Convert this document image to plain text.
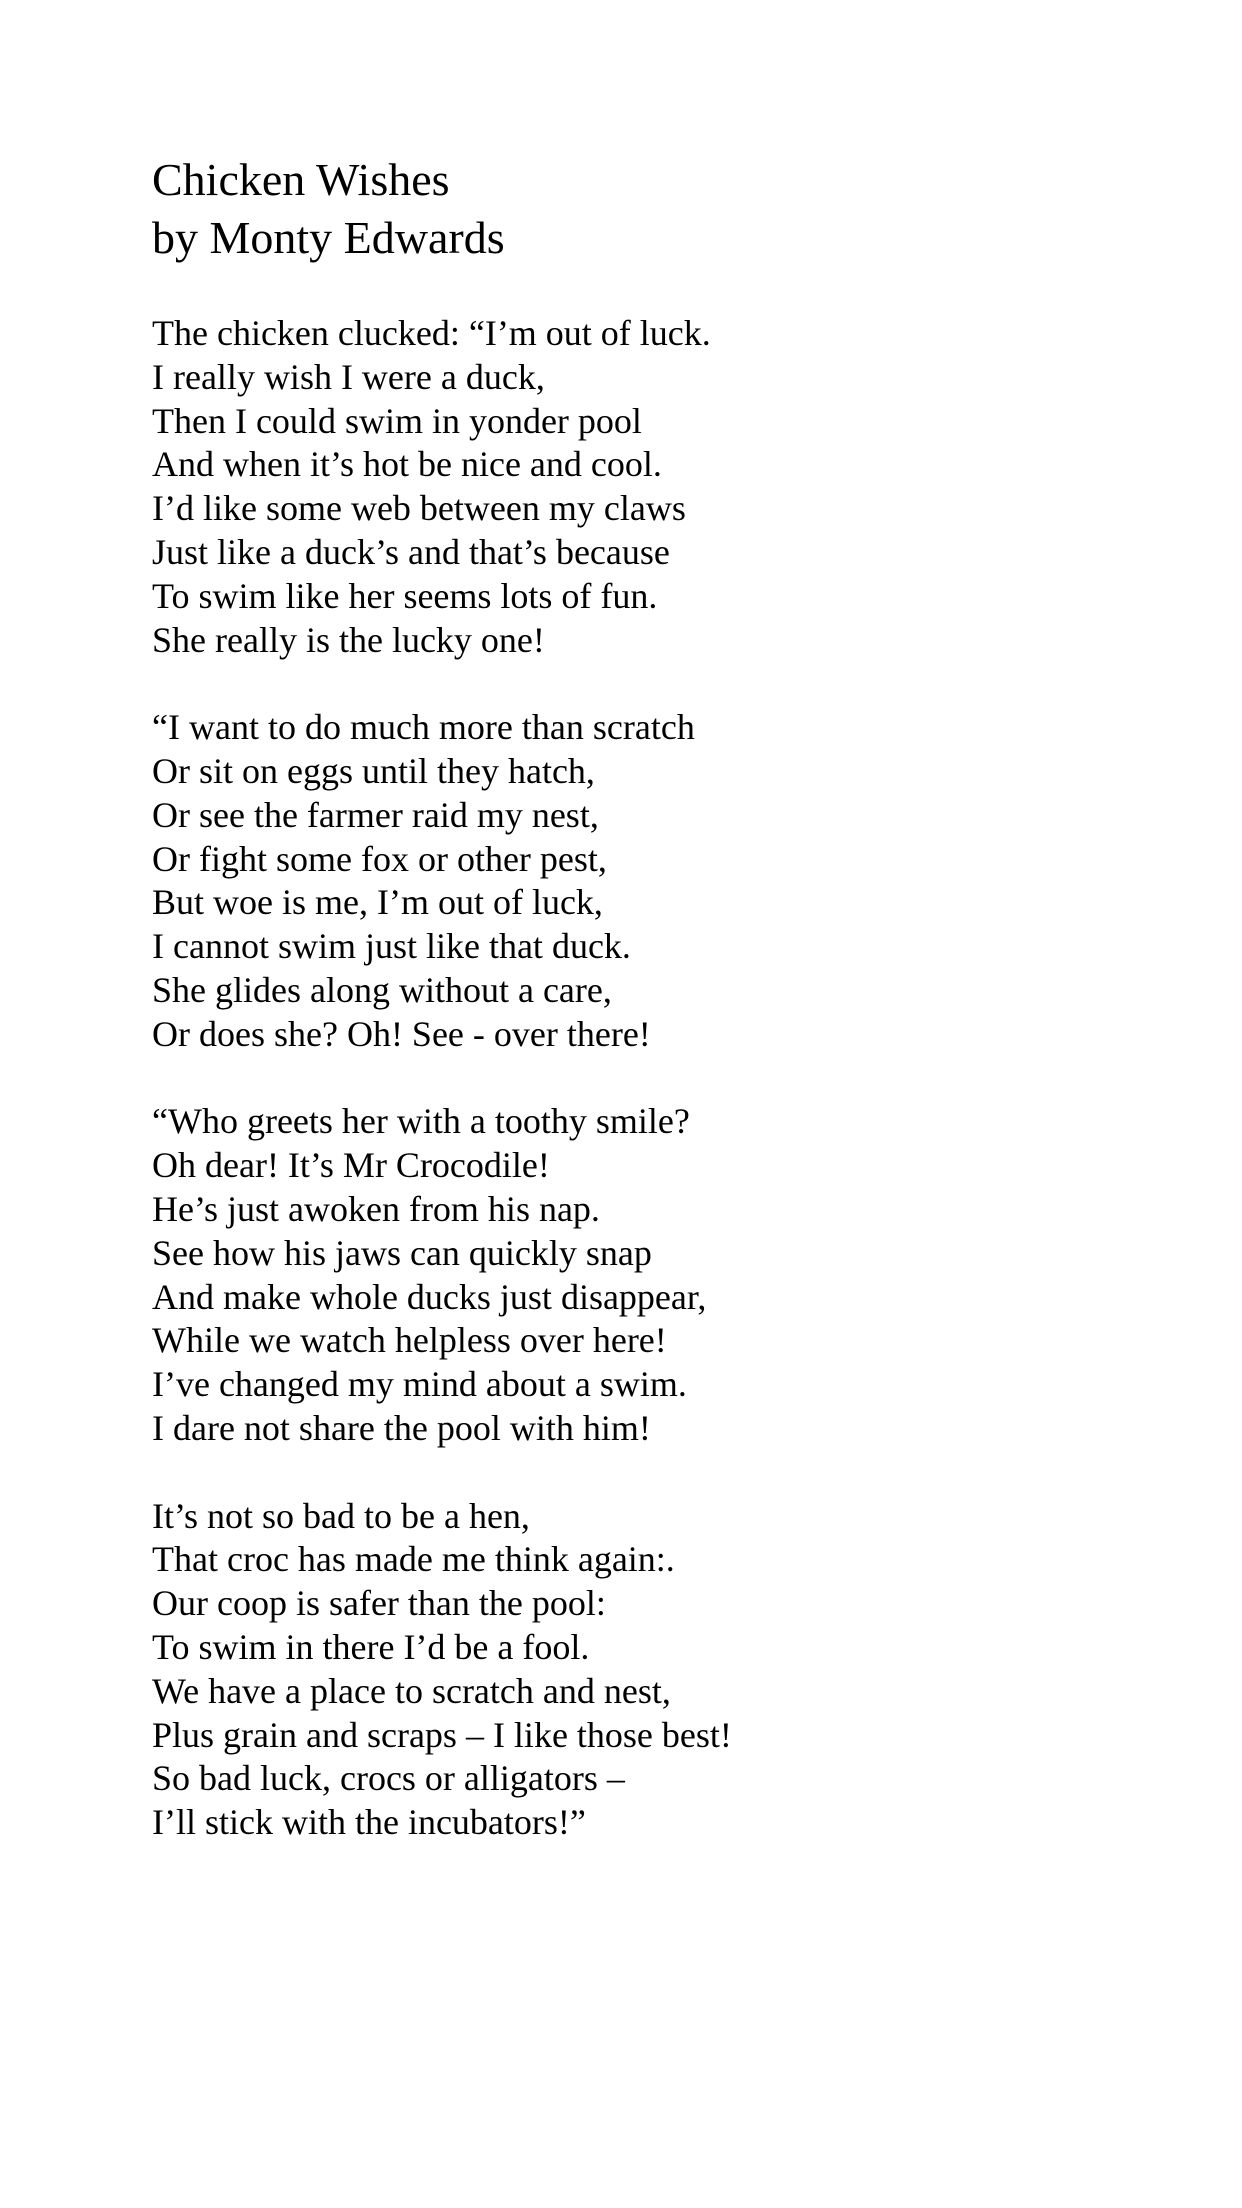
Chicken Wishes
by Monty Edwards
The chicken clucked: “I’m out of luck.
I really wish I were a duck,
Then I could swim in yonder pool
And when it’s hot be nice and cool.
I’d like some web between my claws
Just like a duck’s and that’s because
To swim like her seems lots of fun.
She really is the lucky one!
“I want to do much more than scratch
Or sit on eggs until they hatch,
Or see the farmer raid my nest,
Or fight some fox or other pest,
But woe is me, I’m out of luck,
I cannot swim just like that duck.
She glides along without a care,
Or does she? Oh! See - over there!
“Who greets her with a toothy smile?
Oh dear! It’s Mr Crocodile!
He’s just awoken from his nap.
See how his jaws can quickly snap
And make whole ducks just disappear,
While we watch helpless over here!
I’ve changed my mind about a swim.
I dare not share the pool with him!
It’s not so bad to be a hen,
That croc has made me think again:.
Our coop is safer than the pool:
To swim in there I’d be a fool.
We have a place to scratch and nest,
Plus grain and scraps – I like those best!
So bad luck, crocs or alligators –
I’ll stick with the incubators!”
